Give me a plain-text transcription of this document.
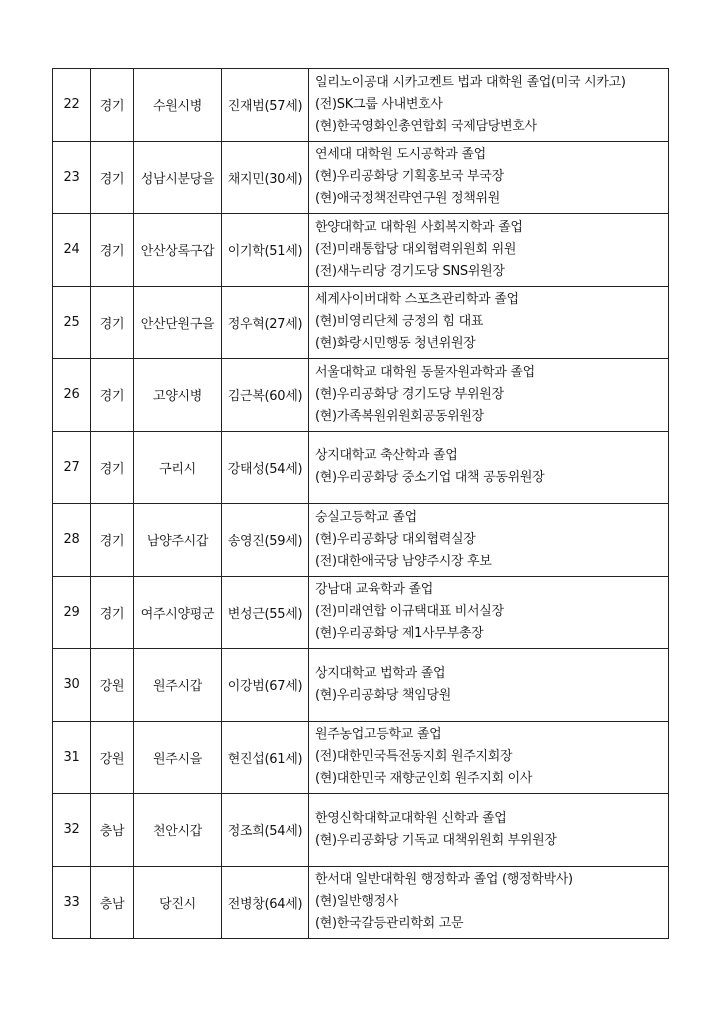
22	경기	수원시병	진재범(57세)	일리노이공대 시카고켄트 법과 대학원 졸업(미국 시카고)
(전)SK그룹 사내변호사
(현)한국영화인총연합회 국제담당변호사

23	경기	성남시분당을	채지민(30세)	연세대 대학원 도시공학과 졸업
(현)우리공화당 기획홍보국 부국장
(현)애국정책전략연구원 정책위원

24	경기	안산상록구갑	이기학(51세)	한양대학교 대학원 사회복지학과 졸업
(전)미래통합당 대외협력위원회 위원
(전)새누리당 경기도당 SNS위원장

25	경기	안산단원구을	정우혁(27세)	세계사이버대학 스포츠관리학과 졸업
(현)비영리단체 긍정의 힘 대표
(현)화랑시민행동 청년위원장

26	경기	고양시병	김근복(60세)	서울대학교 대학원 동물자원과학과 졸업
(현)우리공화당 경기도당 부위원장
(현)가족복원위원회공동위원장

27	경기	구리시	강태성(54세)	상지대학교 축산학과 졸업
(현)우리공화당 중소기업 대책 공동위원장

28	경기	남양주시갑	송영진(59세)	숭실고등학교 졸업
(현)우리공화당 대외협력실장
(전)대한애국당 남양주시장 후보

29	경기	여주시양평군	변성근(55세)	강남대 교육학과 졸업
(전)미래연합 이규택대표 비서실장
(현)우리공화당 제1사무부총장

30	강원	원주시갑	이강범(67세)	상지대학교 법학과 졸업
(현)우리공화당 책임당원

31	강원	원주시을	현진섭(61세)	원주농업고등학교 졸업
(전)대한민국특전동지회 원주지회장
(현)대한민국 재향군인회 원주지회 이사

32	충남	천안시갑	정조희(54세)	한영신학대학교대학원 신학과 졸업
(현)우리공화당 기독교 대책위원회 부위원장

33	충남	당진시	전병창(64세)	한서대 일반대학원 행정학과 졸업 (행정학박사)
(현)일반행정사
(현)한국갈등관리학회 고문
